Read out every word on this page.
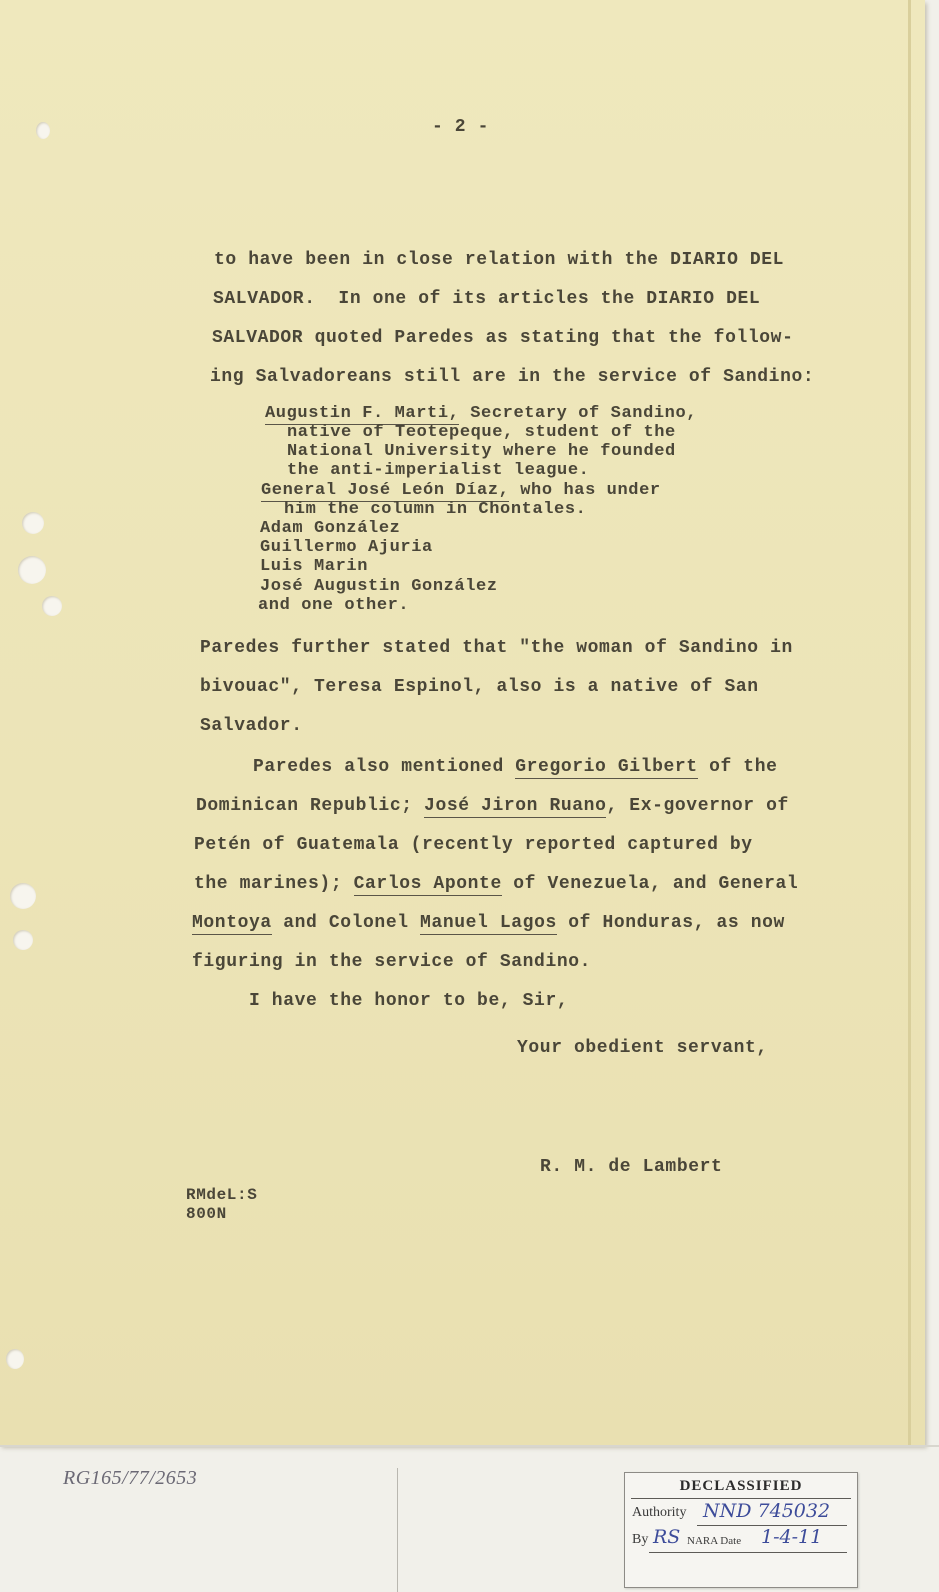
- 2 -
to have been in close relation with the DIARIO DEL
SALVADOR.  In one of its articles the DIARIO DEL
SALVADOR quoted Paredes as stating that the follow-
ing Salvadoreans still are in the service of Sandino:
Augustin F. Marti, Secretary of Sandino,
native of Teotepeque, student of the
National University where he founded
the anti-imperialist league.
General José León Díaz, who has under
him the column in Chontales.
Adam González
Guillermo Ajuria
Luis Marin
José Augustin González
and one other.
Paredes further stated that "the woman of Sandino in
bivouac", Teresa Espinol, also is a native of San
Salvador.
Paredes also mentioned Gregorio Gilbert of the
Dominican Republic; José Jiron Ruano, Ex-governor of
Petén of Guatemala (recently reported captured by
the marines); Carlos Aponte of Venezuela, and General
Montoya and Colonel Manuel Lagos of Honduras, as now
figuring in the service of Sandino.
I have the honor to be, Sir,
Your obedient servant,
R. M. de Lambert
RMdeL:S
800N
RG165/77/2653	DECLASSIFIED
Authority NND 745032
By RS NARA Date 1-4-11
